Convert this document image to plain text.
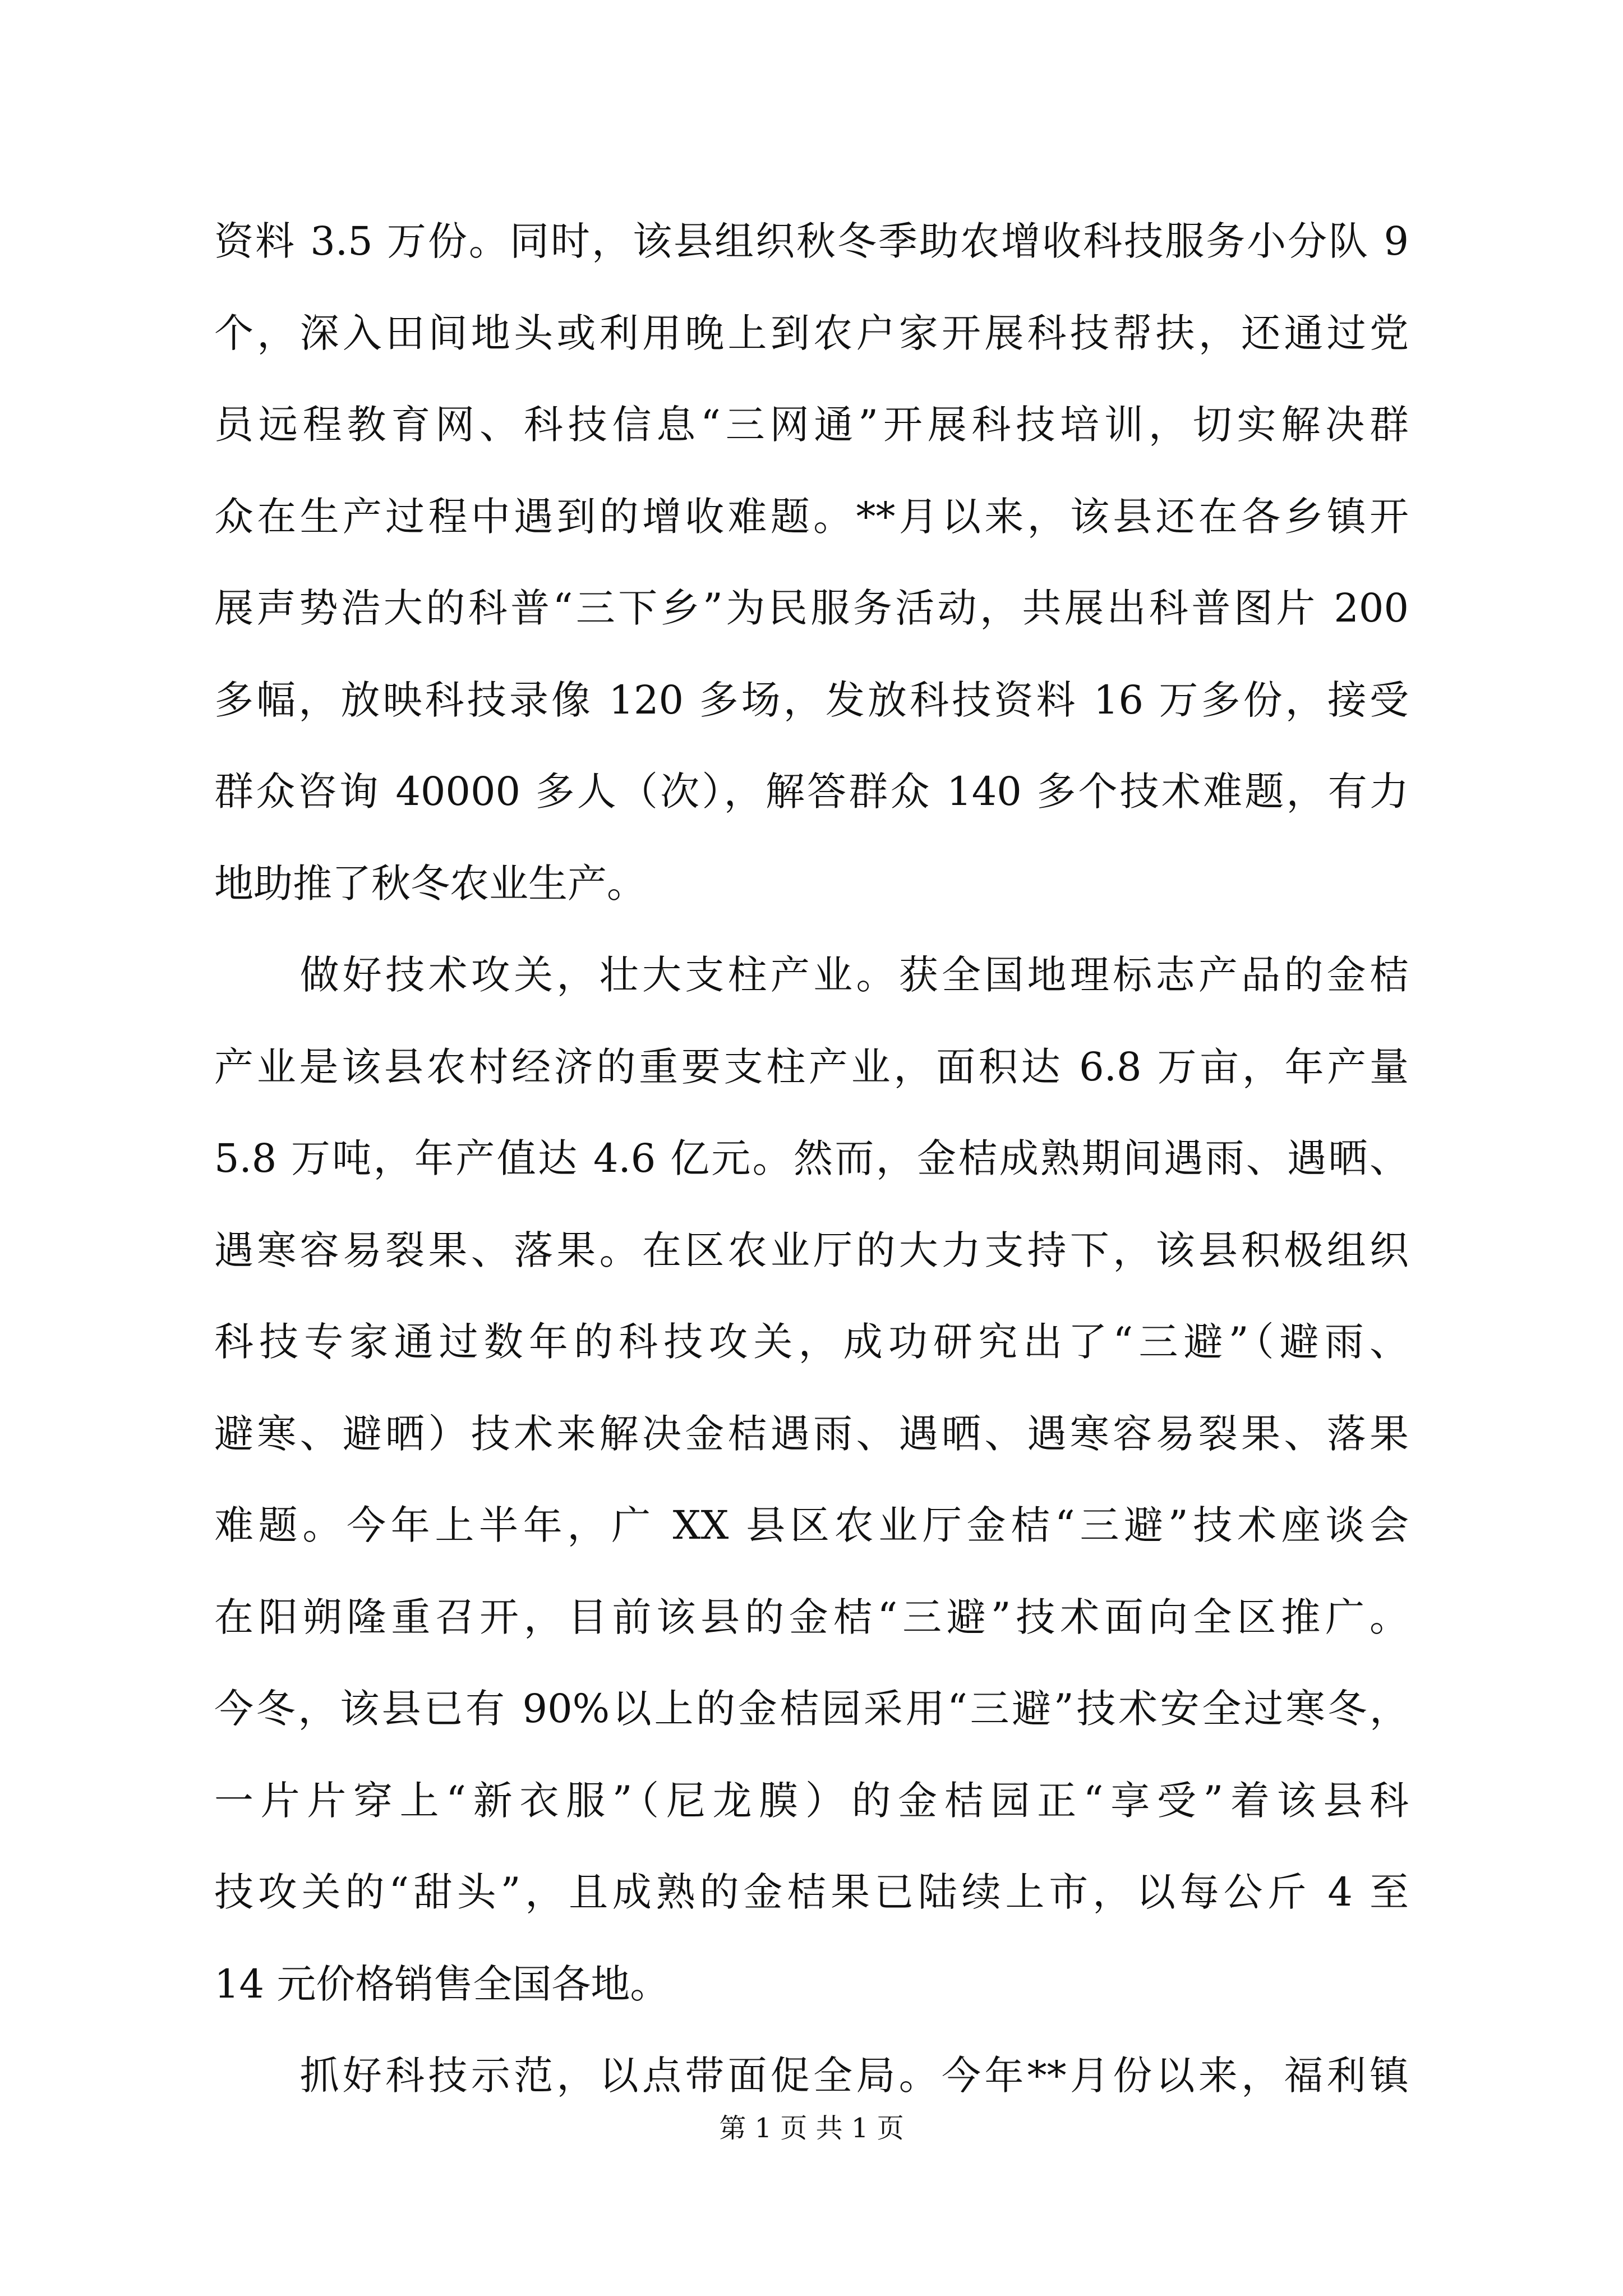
资料 3.5 万份。同时，该县组织秋冬季助农增收科技服务小分队 9
个，深入田间地头或利用晚上到农户家开展科技帮扶，还通过党
员远程教育网、科技信息“三网通”开展科技培训，切实解决群
众在生产过程中遇到的增收难题。**月以来，该县还在各乡镇开
展声势浩大的科普“三下乡”为民服务活动，共展出科普图片 200
多幅，放映科技录像 120 多场，发放科技资料 16 万多份，接受
群众咨询 40000 多人（次），解答群众 140 多个技术难题，有力
地助推了秋冬农业生产。
　　做好技术攻关，壮大支柱产业。获全国地理标志产品的金桔
产业是该县农村经济的重要支柱产业，面积达 6.8 万亩，年产量
5.8 万吨，年产值达 4.6 亿元。然而，金桔成熟期间遇雨、遇晒、
遇寒容易裂果、落果。在区农业厅的大力支持下，该县积极组织
科技专家通过数年的科技攻关，成功研究出了“三避”（避雨、
避寒、避晒）技术来解决金桔遇雨、遇晒、遇寒容易裂果、落果
难题。今年上半年，广 XX 县区农业厅金桔“三避”技术座谈会
在阳朔隆重召开，目前该县的金桔“三避”技术面向全区推广。
今冬，该县已有 90%以上的金桔园采用“三避”技术安全过寒冬，
一片片穿上“新衣服”（尼龙膜）的金桔园正“享受”着该县科
技攻关的“甜头”，且成熟的金桔果已陆续上市，以每公斤 4 至
14 元价格销售全国各地。
　　抓好科技示范，以点带面促全局。今年**月份以来，福利镇
第 1 页 共 1 页
